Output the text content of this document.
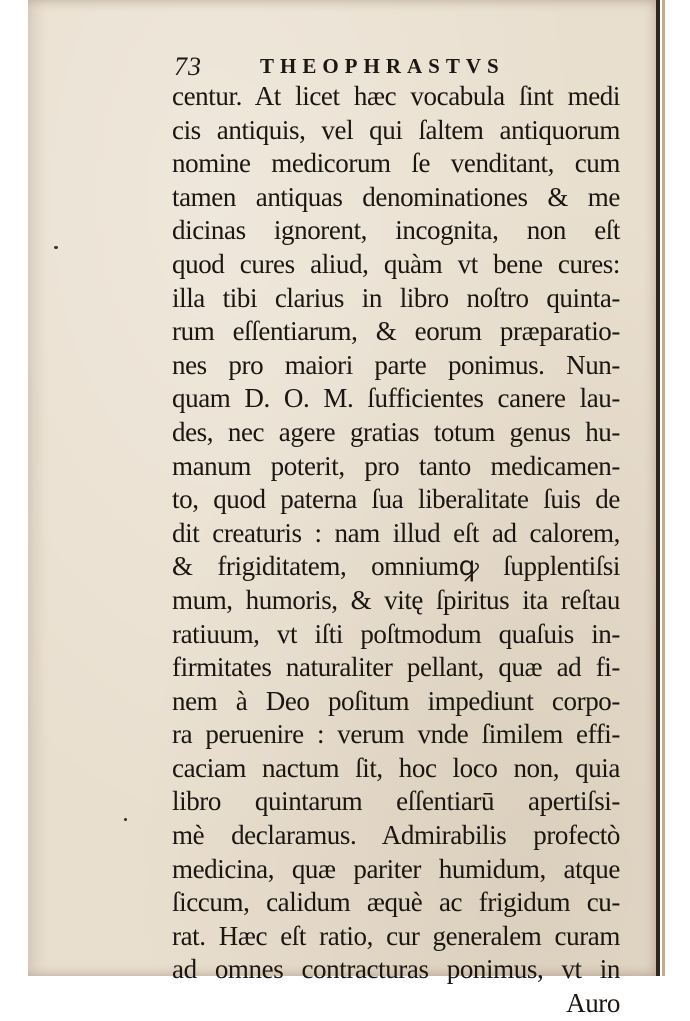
73	THEOPHRASTVS
centur. At licet hæc vocabula ſint medi
cis antiquis, vel qui ſaltem antiquorum
nomine medicorum ſe venditant, cum
tamen antiquas denominationes & me
dicinas ignorent, incognita, non eſt
quod cures aliud, quàm vt bene cures:
illa tibi clarius in libro noſtro quinta-
rum eſſentiarum, & eorum præparatio-
nes pro maiori parte ponimus. Nun-
quam D. O. M. ſufficientes canere lau-
des, nec agere gratias totum genus hu-
manum poterit, pro tanto medicamen-
to, quod paterna ſua liberalitate ſuis de
dit creaturis : nam illud eſt ad calorem,
& frigiditatem, omniumꝙ ſupplentiſsi
mum, humoris, & vitę ſpiritus ita reſtau
ratiuum, vt iſti poſtmodum quaſuis in-
firmitates naturaliter pellant, quæ ad fi-
nem à Deo poſitum impediunt corpo-
ra peruenire : verum vnde ſimilem effi-
caciam nactum ſit, hoc loco non, quia
libro quintarum eſſentiarū apertiſsi-
mè declaramus. Admirabilis profectò
medicina, quæ pariter humidum, atque
ſiccum, calidum æquè ac frigidum cu-
rat. Hæc eſt ratio, cur generalem curam
ad omnes contracturas ponimus, vt in
Auro
